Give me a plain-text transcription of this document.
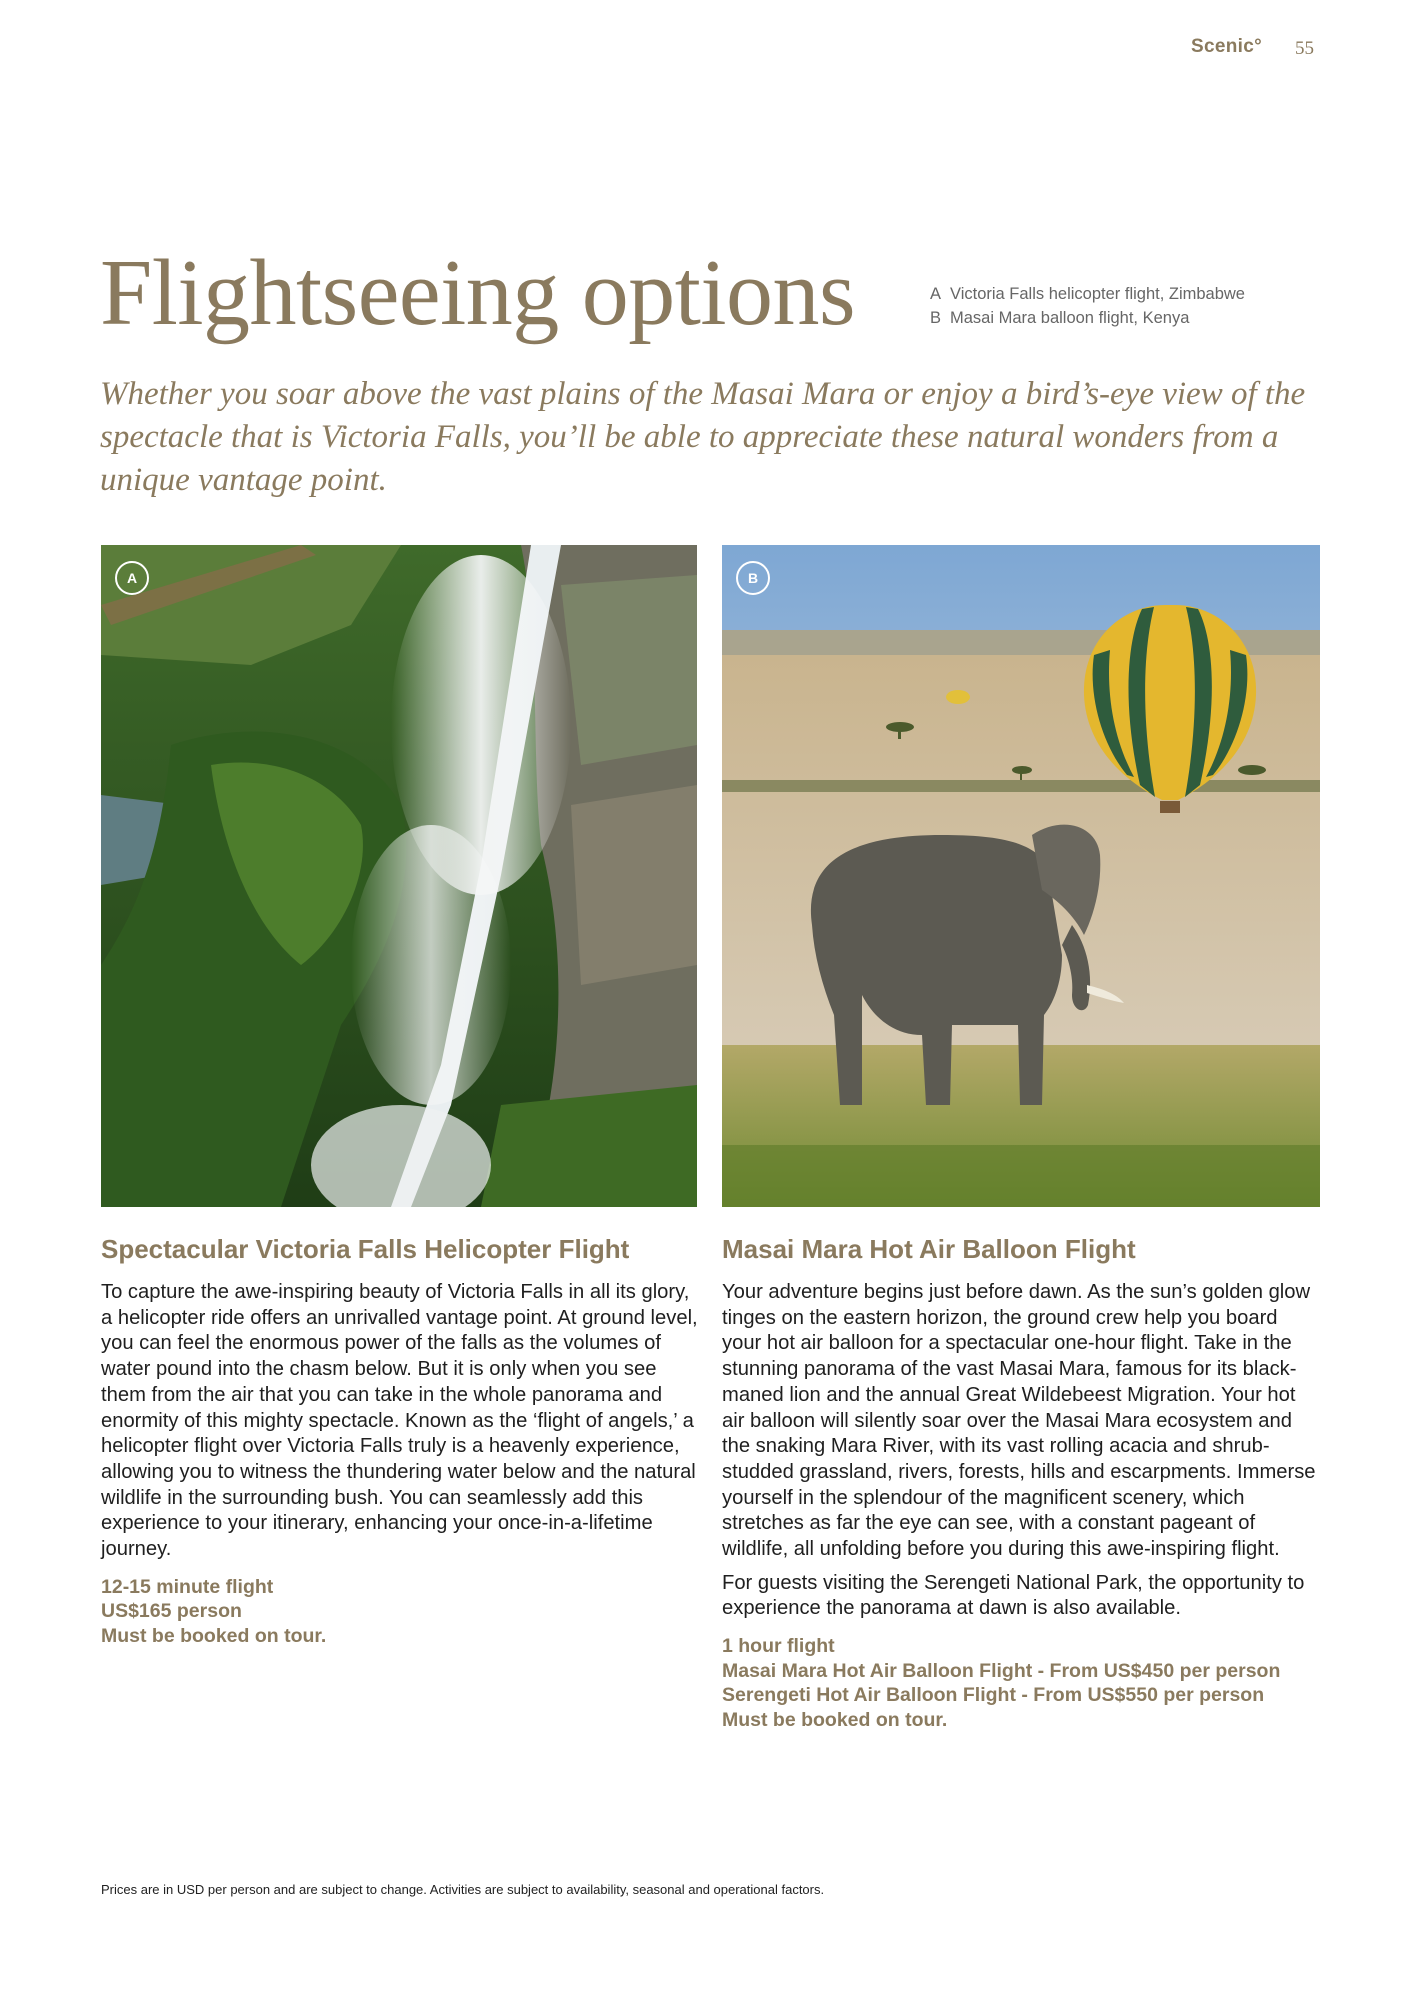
Scenic° 55
Flightseeing options	A Victoria Falls helicopter flight, Zimbabwe
B Masai Mara balloon flight, Kenya

Whether you soar above the vast plains of the Masai Mara or enjoy a bird’s-eye view of the spectacle that is Victoria Falls, you’ll be able to appreciate these natural wonders from a unique vantage point.

A	B
Spectacular Victoria Falls Helicopter Flight

To capture the awe-inspiring beauty of Victoria Falls in all its glory, a helicopter ride offers an unrivalled vantage point. At ground level, you can feel the enormous power of the falls as the volumes of water pound into the chasm below. But it is only when you see them from the air that you can take in the whole panorama and enormity of this mighty spectacle. Known as the ‘flight of angels,’ a helicopter flight over Victoria Falls truly is a heavenly experience, allowing you to witness the thundering water below and the natural wildlife in the surrounding bush. You can seamlessly add this experience to your itinerary, enhancing your once-in-a-lifetime journey.

12-15 minute flight
US$165 person
Must be booked on tour.
Masai Mara Hot Air Balloon Flight

Your adventure begins just before dawn. As the sun’s golden glow tinges on the eastern horizon, the ground crew help you board your hot air balloon for a spectacular one-hour flight. Take in the stunning panorama of the vast Masai Mara, famous for its black-maned lion and the annual Great Wildebeest Migration. Your hot air balloon will silently soar over the Masai Mara ecosystem and the snaking Mara River, with its vast rolling acacia and shrub-studded grassland, rivers, forests, hills and escarpments. Immerse yourself in the splendour of the magnificent scenery, which stretches as far the eye can see, with a constant pageant of wildlife, all unfolding before you during this awe-inspiring flight.

For guests visiting the Serengeti National Park, the opportunity to experience the panorama at dawn is also available.

1 hour flight
Masai Mara Hot Air Balloon Flight - From US$450 per person
Serengeti Hot Air Balloon Flight - From US$550 per person
Must be booked on tour.
Prices are in USD per person and are subject to change. Activities are subject to availability, seasonal and operational factors.
